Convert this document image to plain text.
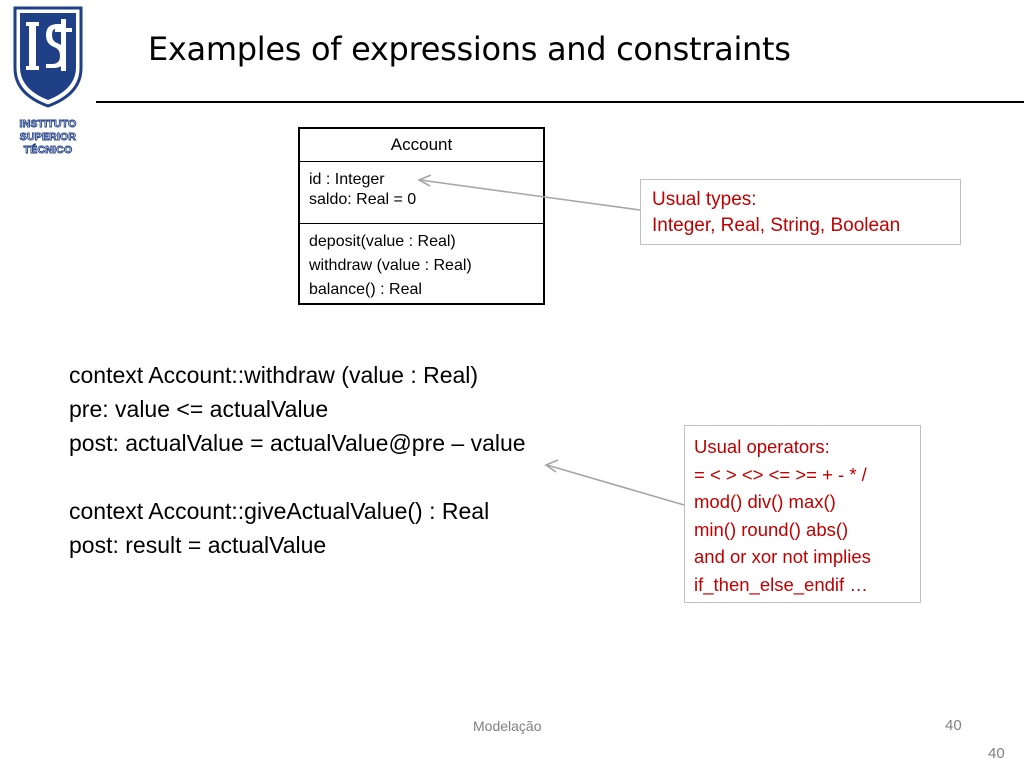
INSTITUTO
SUPERIOR
TÉCNICO
Examples of expressions and constraints
Account
id : Integer
saldo: Real = 0
deposit(value : Real)
withdraw (value : Real)
balance() : Real
Usual types:
Integer, Real, String, Boolean
context Account::withdraw (value : Real)
pre: value <= actualValue
post: actualValue = actualValue@pre – value
context Account::giveActualValue() : Real
post: result = actualValue
Usual operators:
= < > <> <= >= + - * /
mod() div() max()
min() round() abs()
and or xor not implies
if_then_else_endif …
Modelação	40
40
